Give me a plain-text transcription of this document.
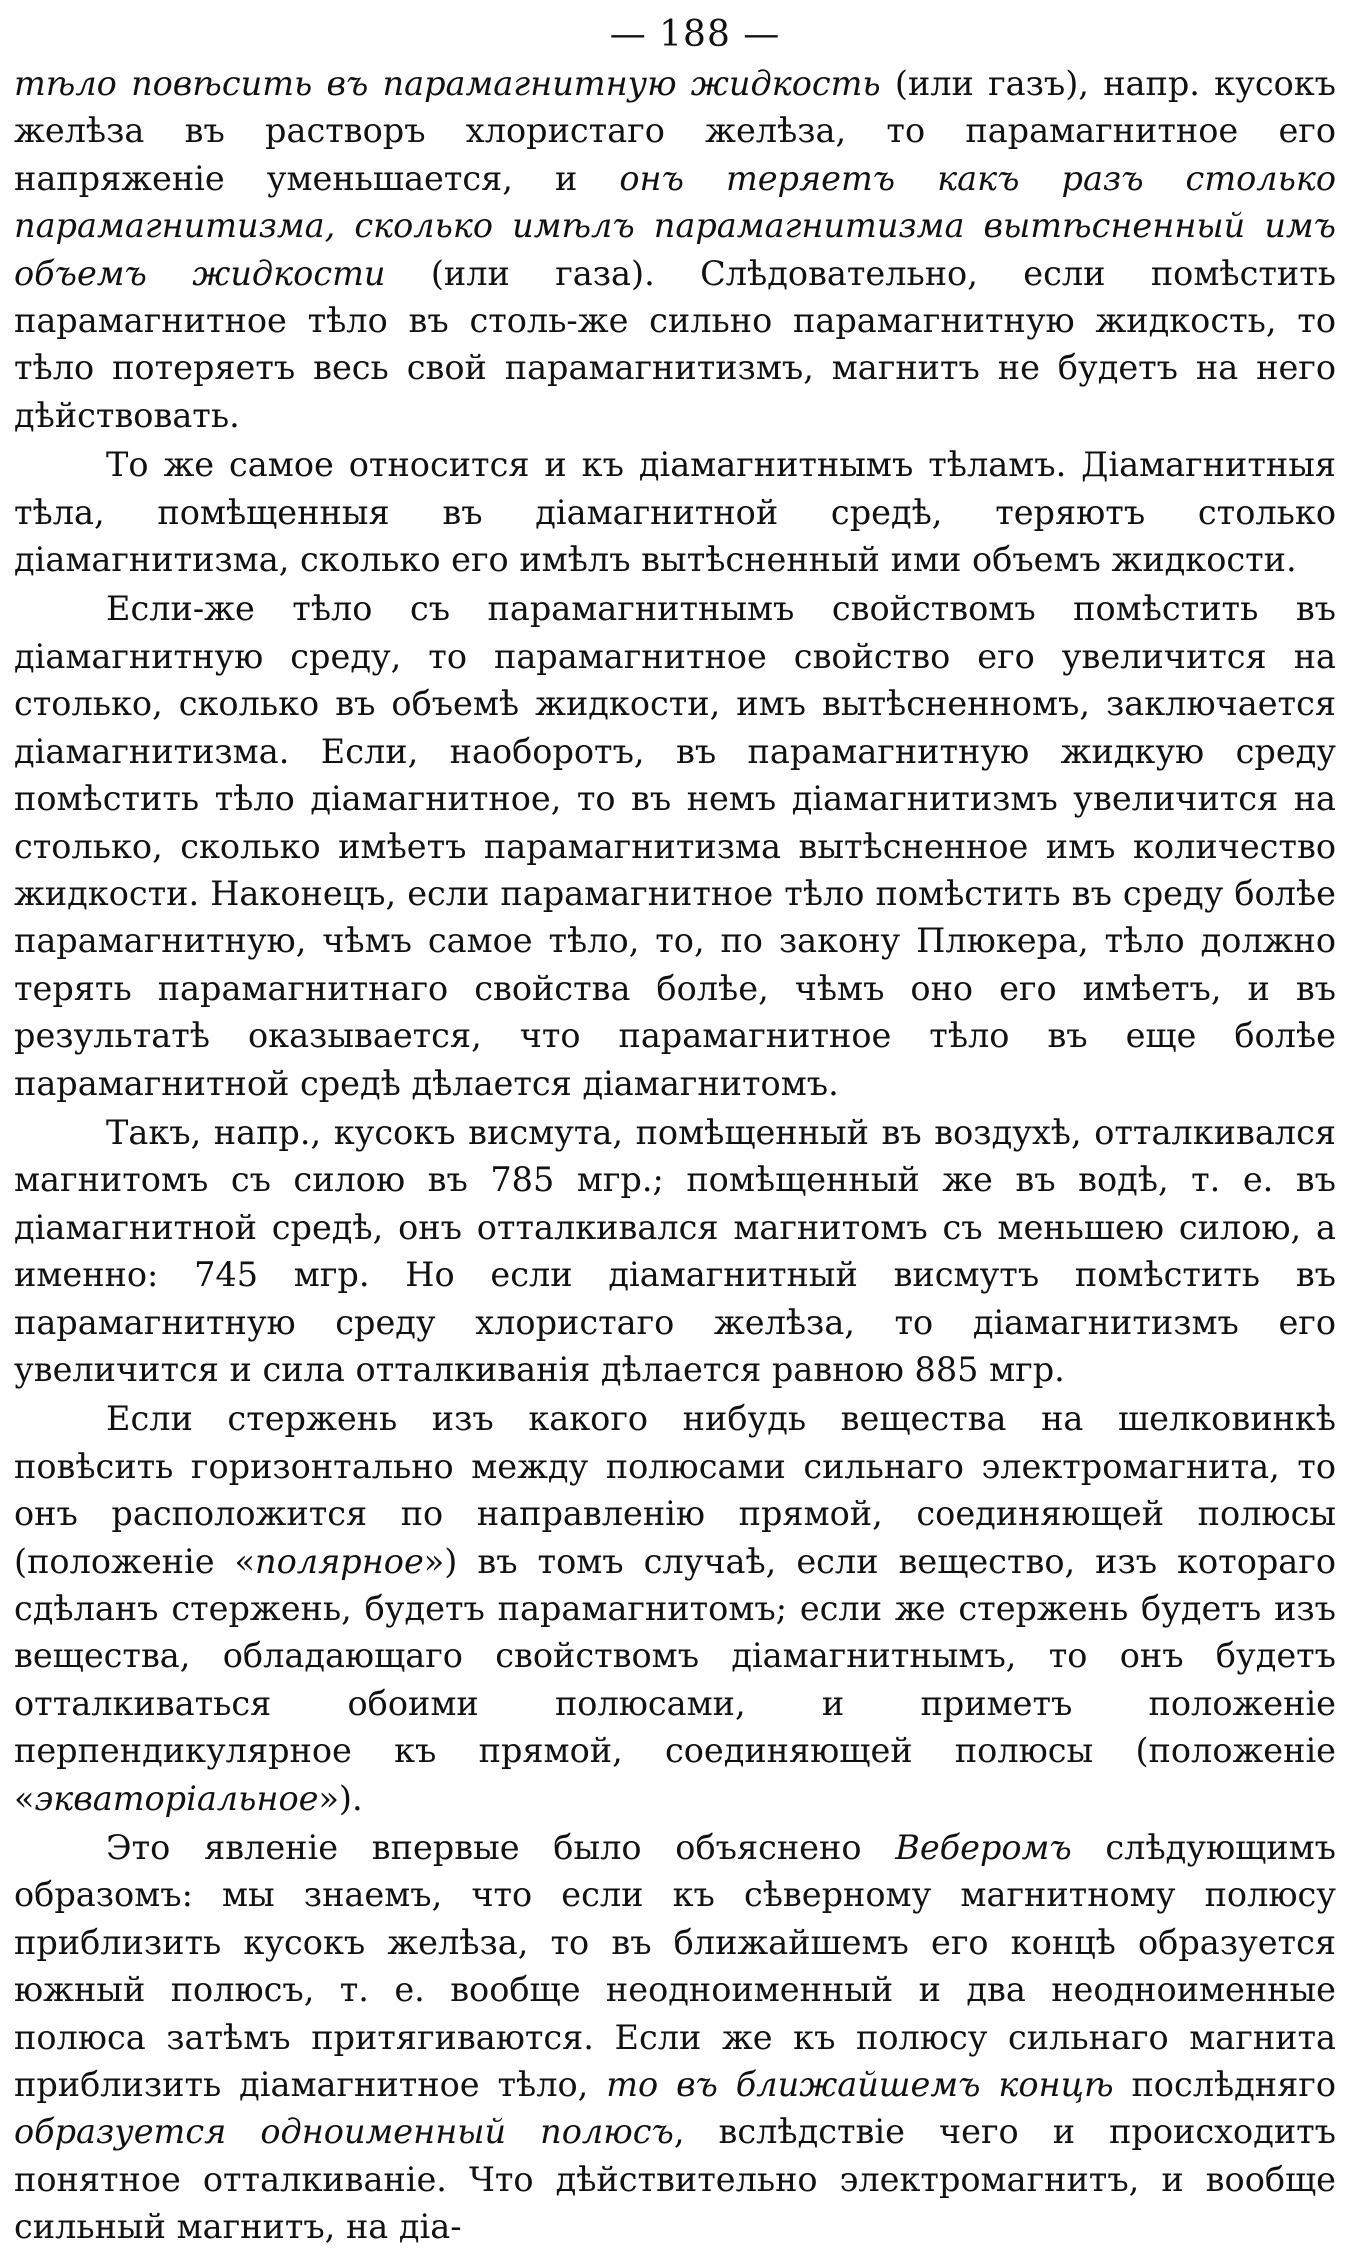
— 188 —

тѣло повѣсить въ парамагнитную жидкость (или газъ), напр. кусокъ желѣза въ растворъ хлористаго желѣза, то парамагнитное его напряженіе уменьшается, и онъ теряетъ какъ разъ столько парамагнитизма, сколько имѣлъ парамагнитизма вытѣсненный имъ объемъ жидкости (или газа). Слѣдовательно, если помѣстить парамагнитное тѣло въ столь-же сильно парамагнитную жидкость, то тѣло потеряетъ весь свой парамагнитизмъ, магнитъ не будетъ на него дѣйствовать.

То же самое относится и къ діамагнитнымъ тѣламъ. Діамагнитныя тѣла, помѣщенныя въ діамагнитной средѣ, теряютъ столько діамагнитизма, сколько его имѣлъ вытѣсненный ими объемъ жидкости.

Если-же тѣло съ парамагнитнымъ свойствомъ помѣстить въ діамагнитную среду, то парамагнитное свойство его увеличится на столько, сколько въ объемѣ жидкости, имъ вытѣсненномъ, заключается діамагнитизма. Если, наоборотъ, въ парамагнитную жидкую среду помѣстить тѣло діамагнитное, то въ немъ діамагнитизмъ увеличится на столько, сколько имѣетъ парамагнитизма вытѣсненное имъ количество жидкости. Наконецъ, если парамагнитное тѣло помѣстить въ среду болѣе парамагнитную, чѣмъ самое тѣло, то, по закону Плюкера, тѣло должно терять парамагнитнаго свойства болѣе, чѣмъ оно его имѣетъ, и въ результатѣ оказывается, что парамагнитное тѣло въ еще болѣе парамагнитной средѣ дѣлается діамагнитомъ.

Такъ, напр., кусокъ висмута, помѣщенный въ воздухѣ, отталкивался магнитомъ съ силою въ 785 мгр.; помѣщенный же въ водѣ, т. е. въ діамагнитной средѣ, онъ отталкивался магнитомъ съ меньшею силою, а именно: 745 мгр. Но если діамагнитный висмутъ помѣстить въ парамагнитную среду хлористаго желѣза, то діамагнитизмъ его увеличится и сила отталкиванія дѣлается равною 885 мгр.

Если стержень изъ какого нибудь вещества на шелковинкѣ повѣсить горизонтально между полюсами сильнаго электромагнита, то онъ расположится по направленію прямой, соединяющей полюсы (положеніе «полярное») въ томъ случаѣ, если вещество, изъ котораго сдѣланъ стержень, будетъ парамагнитомъ; если же стержень будетъ изъ вещества, обладающаго свойствомъ діамагнитнымъ, то онъ будетъ отталкиваться обоими полюсами, и приметъ положеніе перпендикулярное къ прямой, соединяющей полюсы (положеніе «экваторіальное»).

Это явленіе впервые было объяснено Веберомъ слѣдующимъ образомъ: мы знаемъ, что если къ сѣверному магнитному полюсу приблизить кусокъ желѣза, то въ ближайшемъ его концѣ образуется южный полюсъ, т. е. вообще неодноименный и два неодноименные полюса затѣмъ притягиваются. Если же къ полюсу сильнаго магнита приблизить діамагнитное тѣло, то въ ближайшемъ концѣ послѣдняго образуется одноименный полюсъ, вслѣдствіе чего и происходитъ понятное отталкиваніе. Что дѣйствительно электромагнитъ, и вообще сильный магнитъ, на діа-
